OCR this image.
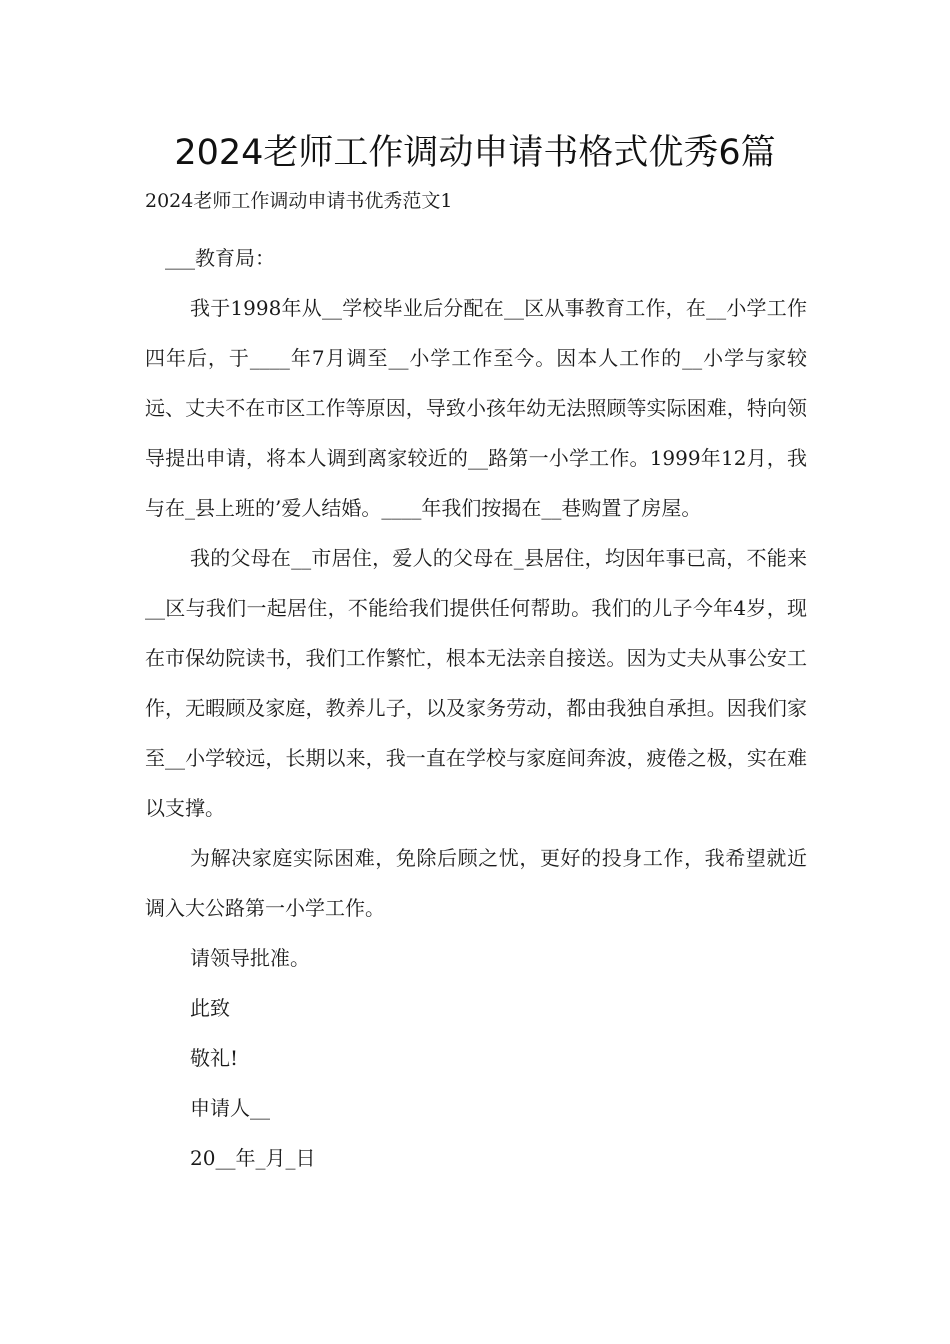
2024老师工作调动申请书格式优秀6篇
2024老师工作调动申请书优秀范文1

___教育局：

我于1998年从__学校毕业后分配在__区从事教育工作，在__小学工作四年后，于____年7月调至__小学工作至今。因本人工作的__小学与家较远、丈夫不在市区工作等原因，导致小孩年幼无法照顾等实际困难，特向领导提出申请，将本人调到离家较近的__路第一小学工作。1999年12月，我与在_县上班的’爱人结婚。____年我们按揭在__巷购置了房屋。

我的父母在__市居住，爱人的父母在_县居住，均因年事已高，不能来__区与我们一起居住，不能给我们提供任何帮助。我们的儿子今年4岁，现在市保幼院读书，我们工作繁忙，根本无法亲自接送。因为丈夫从事公安工作，无暇顾及家庭，教养儿子，以及家务劳动，都由我独自承担。因我们家至__小学较远，长期以来，我一直在学校与家庭间奔波，疲倦之极，实在难以支撑。

为解决家庭实际困难，免除后顾之忧，更好的投身工作，我希望就近调入大公路第一小学工作。

请领导批准。

此致

敬礼!

申请人__

20__年_月_日
